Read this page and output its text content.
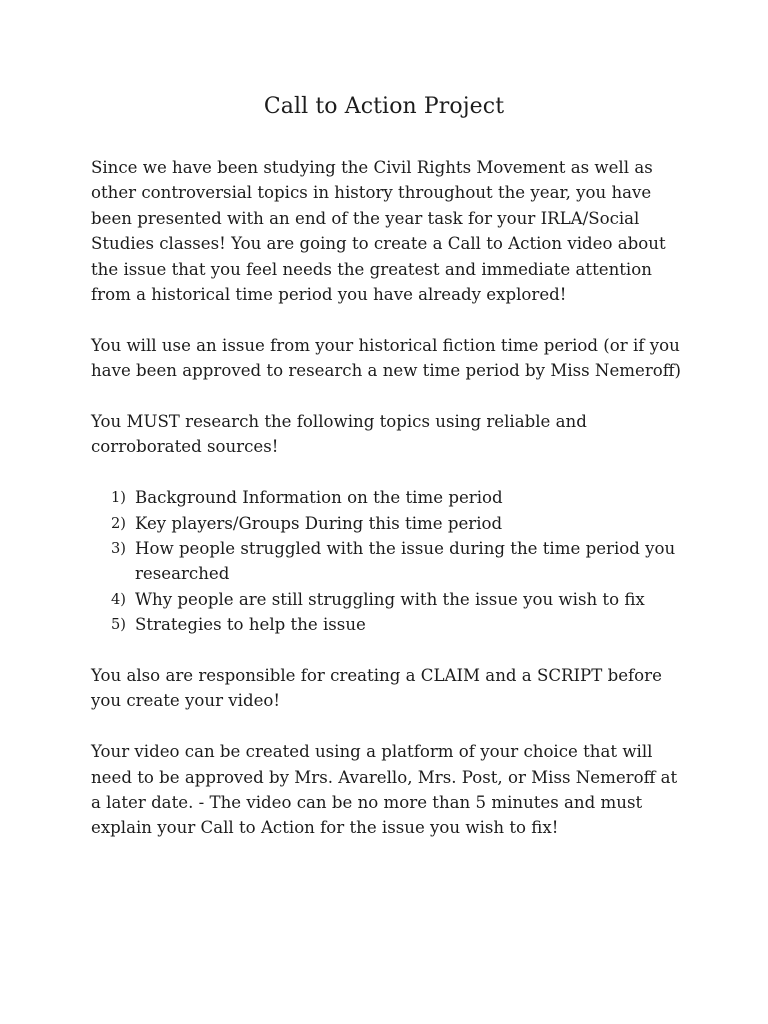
Call to Action Project

Since we have been studying the Civil Rights Movement as well as other controversial topics in history throughout the year, you have been presented with an end of the year task for your IRLA/Social Studies classes! You are going to create a Call to Action video about the issue that you feel needs the greatest and immediate attention from a historical time period you have already explored!

You will use an issue from your historical fiction time period (or if you have been approved to research a new time period by Miss Nemeroff)

You MUST research the following topics using reliable and corroborated sources!

1) Background Information on the time period
2) Key players/Groups During this time period
3) How people struggled with the issue during the time period you researched
4) Why people are still struggling with the issue you wish to fix
5) Strategies to help the issue

You also are responsible for creating a CLAIM and a SCRIPT before you create your video!

Your video can be created using a platform of your choice that will need to be approved by Mrs. Avarello, Mrs. Post, or Miss Nemeroff at a later date. - The video can be no more than 5 minutes and must explain your Call to Action for the issue you wish to fix!
